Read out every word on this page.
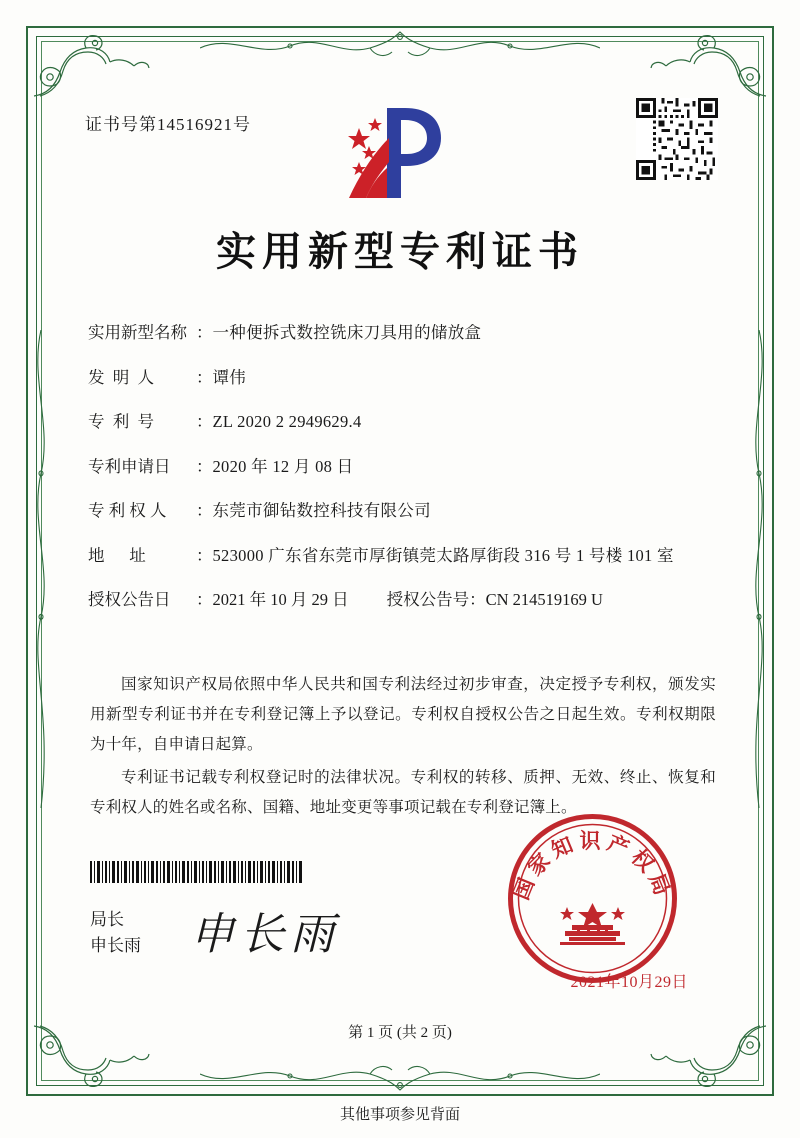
证书号第14516921号
实用新型专利证书
实用新型名称 ： 一种便拆式数控铣床刀具用的储放盒
发  明  人	： 谭伟
专  利  号	： ZL 2020 2 2949629.4
专利申请日	： 2020 年 12 月 08 日
专 利 权 人	： 东莞市御钻数控科技有限公司
地      址	： 523000 广东省东莞市厚街镇莞太路厚街段 316 号 1 号楼 101 室
授权公告日	： 2021 年 10 月 29 日 授权公告号 ： CN 214519169 U

国家知识产权局依照中华人民共和国专利法经过初步审查，决定授予专利权，颁发实用新型专利证书并在专利登记簿上予以登记。专利权自授权公告之日起生效。专利权期限为十年，自申请日起算。

专利证书记载专利权登记时的法律状况。专利权的转移、质押、无效、终止、恢复和专利权人的姓名或名称、国籍、地址变更等事项记载在专利登记簿上。

局长
申长雨 申长雨
国家知识产权局
2021年10月29日
第 1 页 (共 2 页)
其他事项参见背面
